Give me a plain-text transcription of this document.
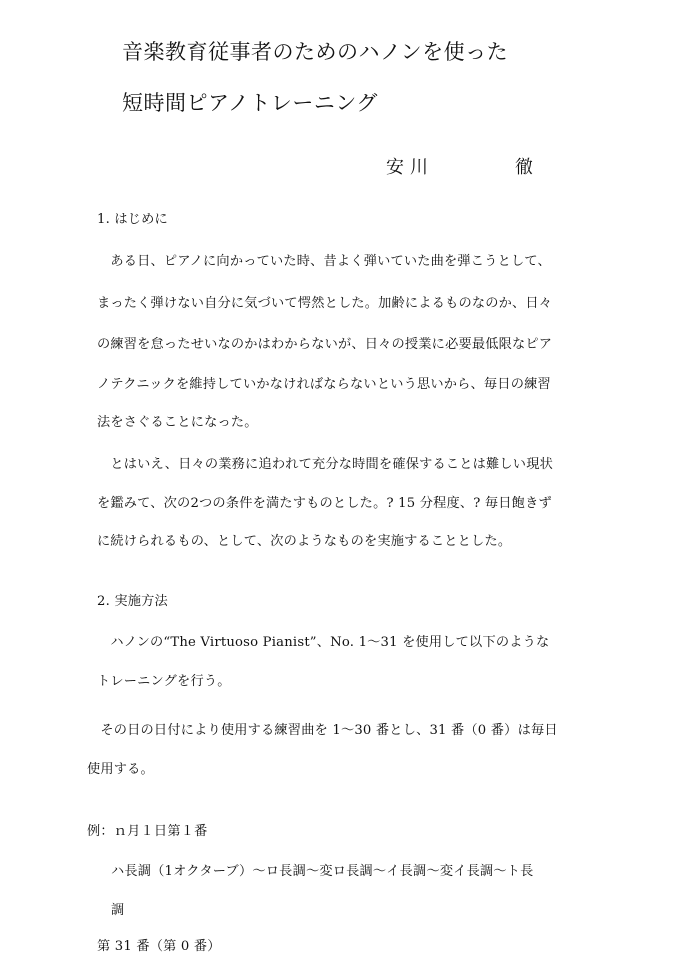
音楽教育従事者のためのハノンを使った
短時間ピアノトレーニング
安川	徹
1. はじめに
　ある日、ピアノに向かっていた時、昔よく弾いていた曲を弾こうとして、
まったく弾けない自分に気づいて愕然とした。加齢によるものなのか、日々
の練習を怠ったせいなのかはわからないが、日々の授業に必要最低限なピア
ノテクニックを維持していかなければならないという思いから、毎日の練習
法をさぐることになった。
　とはいえ、日々の業務に追われて充分な時間を確保することは難しい現状
を鑑みて、次の2つの条件を満たすものとした。? 15 分程度、? 毎日飽きず
に続けられるもの、として、次のようなものを実施することとした。
2. 実施方法
　ハノンの“The Virtuoso Pianist”、No. 1～31 を使用して以下のような
トレーニングを行う。
　その日の日付により使用する練習曲を 1～30 番とし、31 番（0 番）は毎日
使用する。
例：ｎ月１日第１番
ハ長調（1オクターブ）～ロ長調～変ロ長調～イ長調～変イ長調～ト長
調
第 31 番（第 0 番）
